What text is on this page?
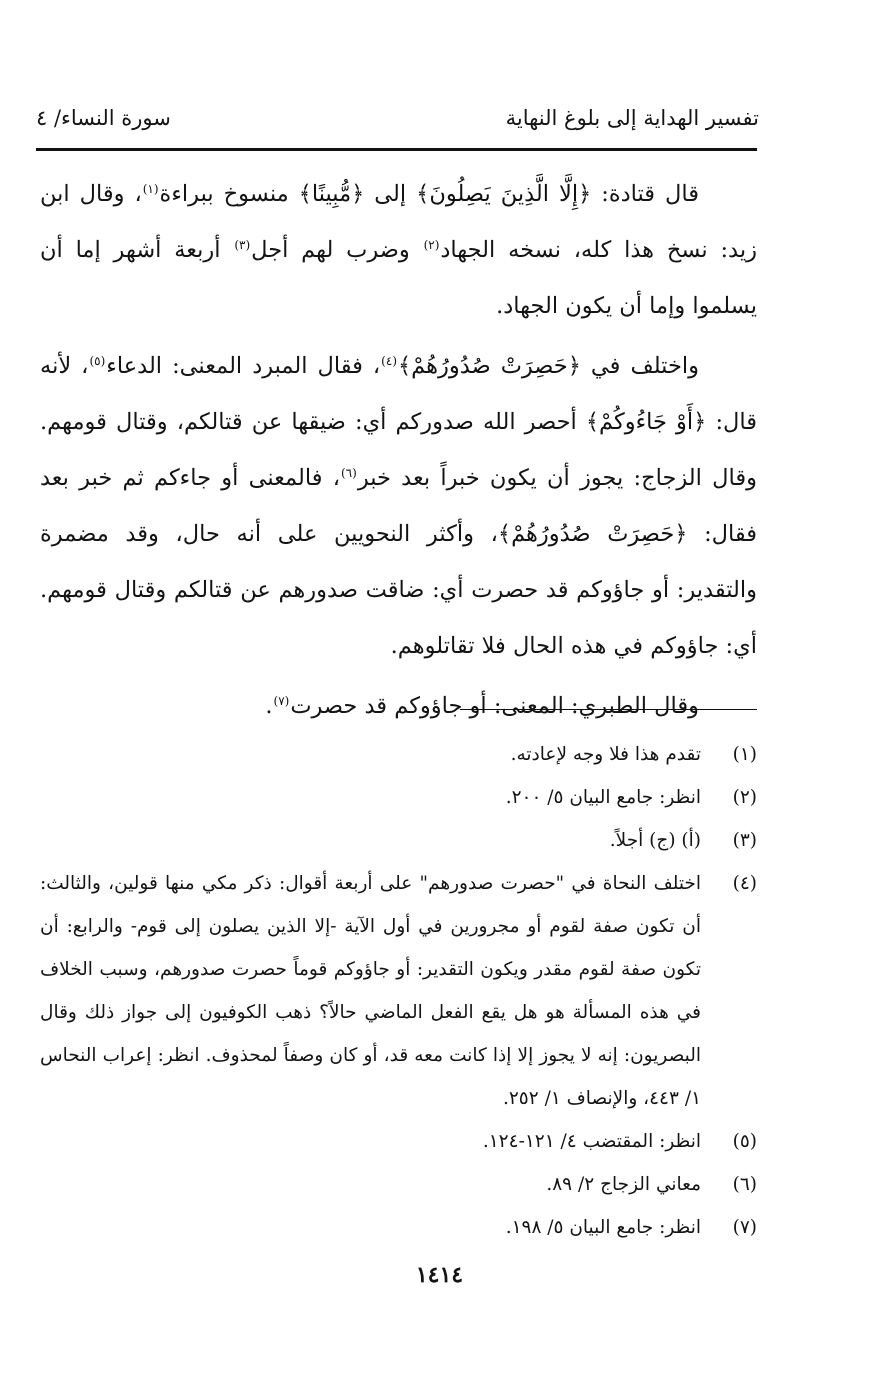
تفسير الهداية إلى بلوغ النهاية
سورة النساء/ ٤

قال قتادة: ﴿إِلَّا الَّذِينَ يَصِلُونَ﴾ إلى ﴿مُّبِينًا﴾ منسوخ ببراءة$^{(١)}$، وقال ابن زيد: نسخ هذا كله، نسخه الجهاد$^{(٢)}$ وضرب لهم أجل$^{(٣)}$ أربعة أشهر إما أن يسلموا وإما أن يكون الجهاد.

واختلف في ﴿حَصِرَتْ صُدُورُهُمْ﴾$^{(٤)}$، فقال المبرد المعنى: الدعاء$^{(٥)}$، لأنه قال: ﴿أَوْ جَاءُوكُمْ﴾ أحصر الله صدوركم أي: ضيقها عن قتالكم، وقتال قومهم. وقال الزجاج: يجوز أن يكون خبراً بعد خبر$^{(٦)}$، فالمعنى أو جاءكم ثم خبر بعد فقال: ﴿حَصِرَتْ صُدُورُهُمْ﴾، وأكثر النحويين على أنه حال، وقد مضمرة والتقدير: أو جاؤوكم قد حصرت أي: ضاقت صدورهم عن قتالكم وقتال قومهم. أي: جاؤوكم في هذه الحال فلا تقاتلوهم.

وقال الطبري: المعنى: أو جاؤوكم قد حصرت$^{(٧)}$.

(١)
تقدم هذا فلا وجه لإعادته.
(٢)
انظر: جامع البيان ٥/ ٢٠٠.
(٣)
(أ) (ج) أجلاً.
(٤)
اختلف النحاة في "حصرت صدورهم" على أربعة أقوال: ذكر مكي منها قولين، والثالث: أن تكون صفة لقوم أو مجرورين في أول الآية -إلا الذين يصلون إلى قوم- والرابع: أن تكون صفة لقوم مقدر ويكون التقدير: أو جاؤوكم قوماً حصرت صدورهم، وسبب الخلاف في هذه المسألة هو هل يقع الفعل الماضي حالاً؟ ذهب الكوفيون إلى جواز ذلك وقال البصريون: إنه لا يجوز إلا إذا كانت معه قد، أو كان وصفاً لمحذوف. انظر: إعراب النحاس ١/ ٤٤٣، والإنصاف ١/ ٢٥٢.
(٥)
انظر: المقتضب ٤/ ١٢١-١٢٤.
(٦)
معاني الزجاج ٢/ ٨٩.
(٧)
انظر: جامع البيان ٥/ ١٩٨.
١٤١٤
